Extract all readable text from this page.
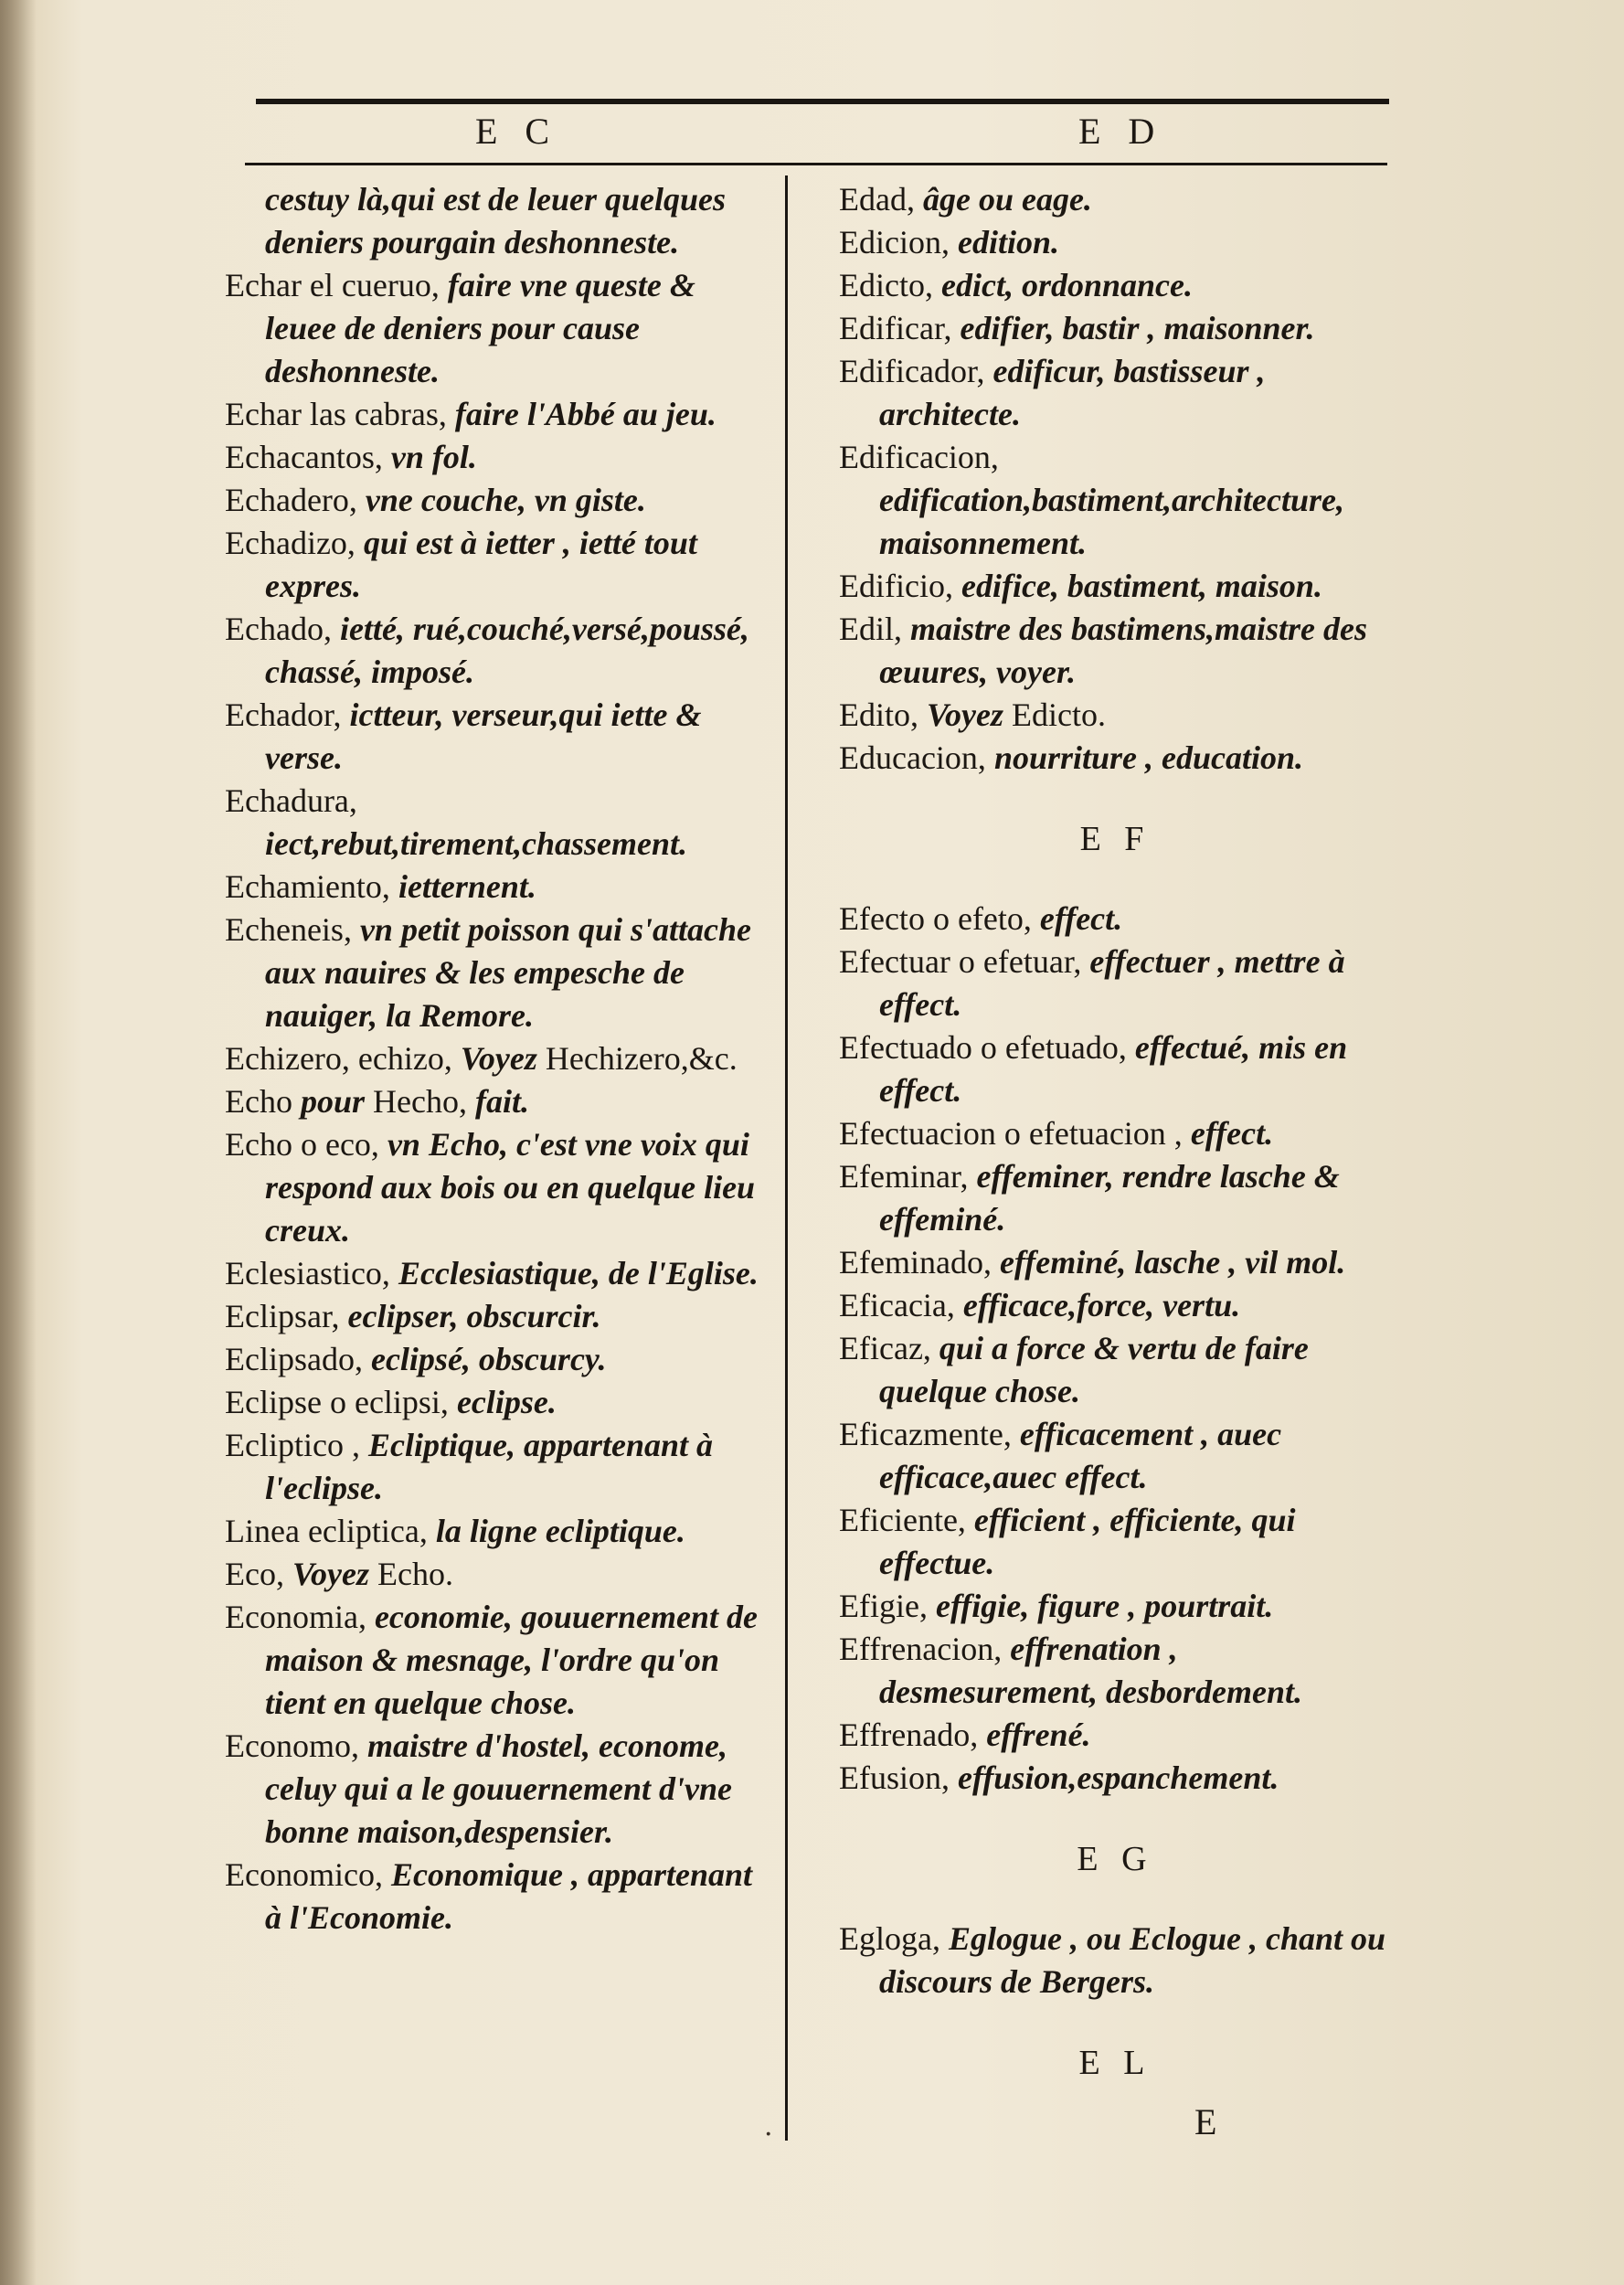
E C	E D

cestuy là,qui est de leuer quelques deniers pourgain deshonneste.

Echar el cueruo, faire vne queste & leuee de deniers pour cause deshonneste.

Echar las cabras, faire l'Abbé au jeu.

Echacantos, vn fol.

Echadero, vne couche, vn giste.

Echadizo, qui est à ietter , ietté tout expres.

Echado, ietté, rué,couché,versé,poussé, chassé, imposé.

Echador, ictteur, verseur,qui iette & verse.

Echadura, iect,rebut,tirement,chassement.

Echamiento, ietternent.

Echeneis, vn petit poisson qui s'attache aux nauires & les empesche de nauiger, la Remore.

Echizero, echizo, Voyez Hechizero,&c.

Echo pour Hecho, fait.

Echo o eco, vn Echo, c'est vne voix qui respond aux bois ou en quelque lieu creux.

Eclesiastico, Ecclesiastique, de l'Eglise.

Eclipsar, eclipser, obscurcir.

Eclipsado, eclipsé, obscurcy.

Eclipse o eclipsi, eclipse.

Ecliptico , Ecliptique, appartenant à l'eclipse.

Linea ecliptica, la ligne ecliptique.

Eco, Voyez Echo.

Economia, economie, gouuernement de maison & mesnage, l'ordre qu'on tient en quelque chose.

Economo, maistre d'hostel, econome, celuy qui a le gouuernement d'vne bonne maison,despensier.

Economico, Economique , appartenant à l'Economie.

Edad, âge ou eage.

Edicion, edition.

Edicto, edict, ordonnance.

Edificar, edifier, bastir , maisonner.

Edificador, edificur, bastisseur , architecte.

Edificacion, edification,bastiment,architecture, maisonnement.

Edificio, edifice, bastiment, maison.

Edil, maistre des bastimens,maistre des œuures, voyer.

Edito, Voyez Edicto.

Educacion, nourriture , education.

E F

Efecto o efeto, effect.

Efectuar o efetuar, effectuer , mettre à effect.

Efectuado o efetuado, effectué, mis en effect.

Efectuacion o efetuacion , effect.

Efeminar, effeminer, rendre lasche & effeminé.

Efeminado, effeminé, lasche , vil mol.

Eficacia, efficace,force, vertu.

Eficaz, qui a force & vertu de faire quelque chose.

Eficazmente, efficacement , auec efficace,auec effect.

Eficiente, efficient , efficiente, qui effectue.

Efigie, effigie, figure , pourtrait.

Effrenacion, effrenation , desmesurement, desbordement.

Effrenado, effrené.

Efusion, effusion,espanchement.

E G

Egloga, Eglogue , ou Eclogue , chant ou discours de Bergers.

E L
·	E
